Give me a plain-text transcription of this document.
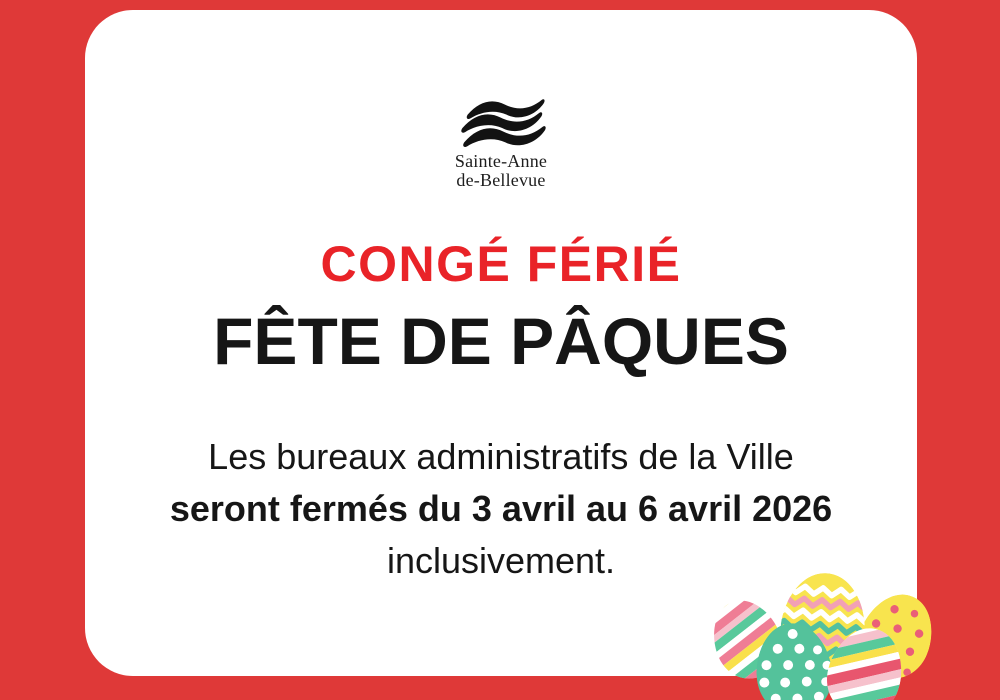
Sainte-Anne
de-Bellevue
CONGÉ FÉRIÉ
FÊTE DE PÂQUES
Les bureaux administratifs de la Ville
seront fermés du 3 avril au 6 avril 2026
inclusivement.
